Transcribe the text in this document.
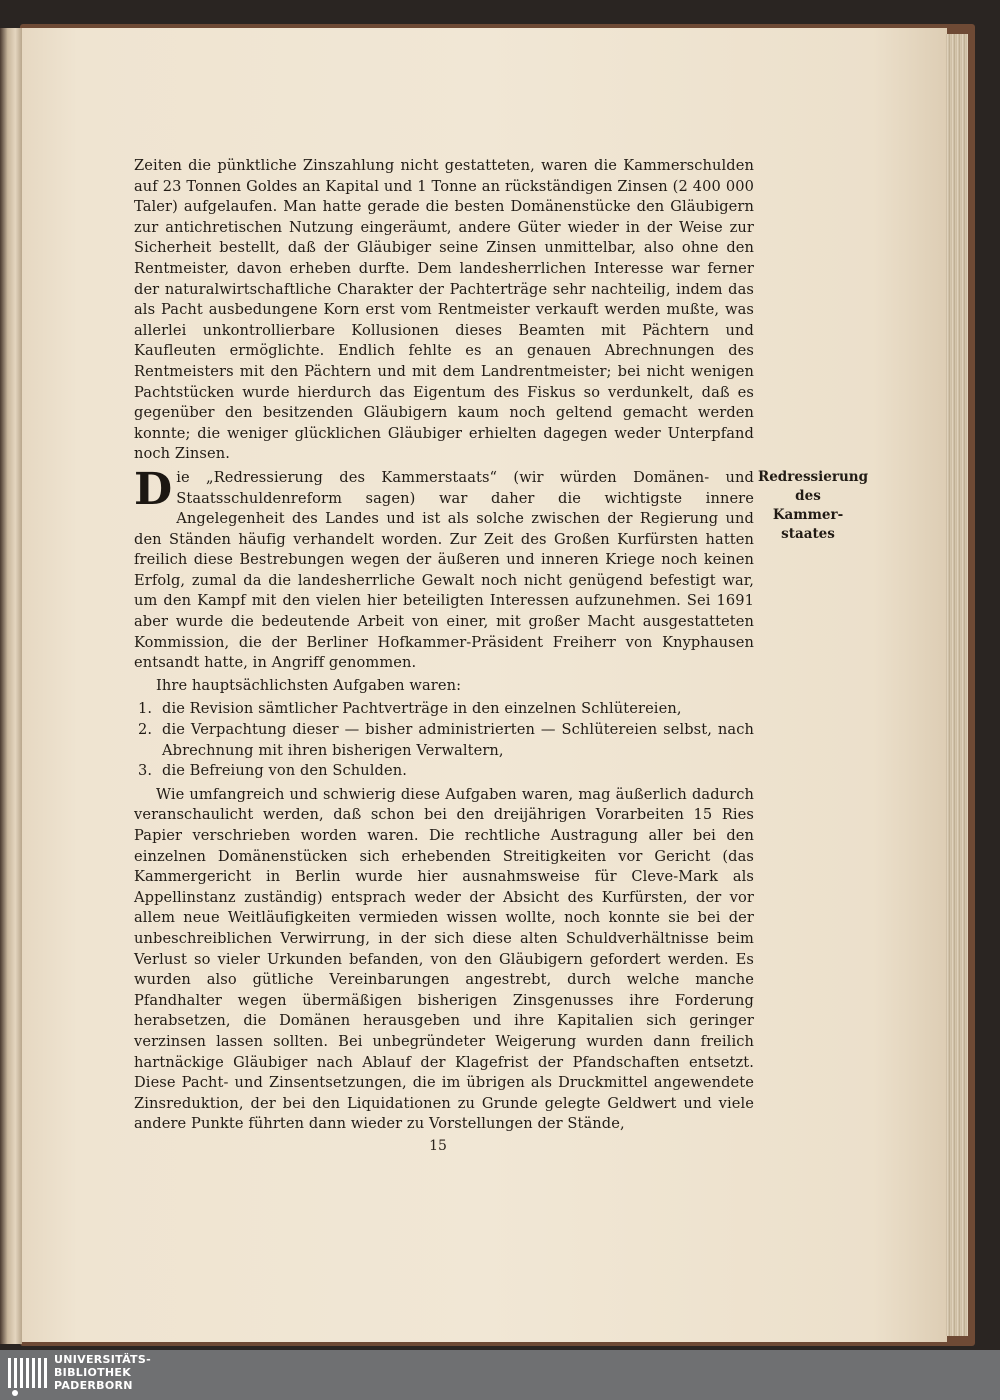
Zeiten die pünktliche Zinszahlung nicht gestatteten, waren die Kammerschulden auf 23 Tonnen Goldes an Kapital und 1 Tonne an rückständigen Zinsen (2 400 000 Taler) aufgelaufen. Man hatte gerade die besten Domänenstücke den Gläubigern zur antichretischen Nutzung eingeräumt, andere Güter wieder in der Weise zur Sicherheit bestellt, daß der Gläubiger seine Zinsen unmittelbar, also ohne den Rentmeister, davon erheben durfte. Dem landesherrlichen Interesse war ferner der naturalwirtschaftliche Charakter der Pachterträge sehr nachteilig, indem das als Pacht ausbedungene Korn erst vom Rentmeister verkauft werden mußte, was allerlei unkontrollierbare Kollusionen dieses Beamten mit Pächtern und Kaufleuten ermöglichte. Endlich fehlte es an genauen Abrechnungen des Rentmeisters mit den Pächtern und mit dem Landrentmeister; bei nicht wenigen Pachtstücken wurde hierdurch das Eigentum des Fiskus so verdunkelt, daß es gegenüber den besitzenden Gläubigern kaum noch geltend gemacht werden konnte; die weniger glücklichen Gläubiger erhielten dagegen weder Unterpfand noch Zinsen.

D ie „Redressierung des Kammerstaats“ (wir würden Domänen- und Staatsschuldenreform sagen) war daher die wichtigste innere Angelegenheit des Landes und ist als solche zwischen der Regierung und den Ständen häufig verhandelt worden. Zur Zeit des Großen Kurfürsten hatten freilich diese Bestrebungen wegen der äußeren und inneren Kriege noch keinen Erfolg, zumal da die landesherrliche Gewalt noch nicht genügend befestigt war, um den Kampf mit den vielen hier beteiligten Interessen aufzunehmen. Sei 1691 aber wurde die bedeutende Arbeit von einer, mit großer Macht ausgestatteten Kommission, die der Berliner Hofkammer-Präsident Freiherr von Knyphausen entsandt hatte, in Angriff genommen.

Ihre hauptsächlichsten Aufgaben waren:

1. die Revision sämtlicher Pachtverträge in den einzelnen Schlütereien,
2. die Verpachtung dieser — bisher administrierten — Schlütereien selbst, nach Abrechnung mit ihren bisherigen Verwaltern,
3. die Befreiung von den Schulden.

Wie umfangreich und schwierig diese Aufgaben waren, mag äußerlich dadurch veranschaulicht werden, daß schon bei den dreijährigen Vorarbeiten 15 Ries Papier verschrieben worden waren. Die rechtliche Austragung aller bei den einzelnen Domänenstücken sich erhebenden Streitigkeiten vor Gericht (das Kammergericht in Berlin wurde hier ausnahmsweise für Cleve-Mark als Appellinstanz zuständig) entsprach weder der Absicht des Kurfürsten, der vor allem neue Weitläufigkeiten vermieden wissen wollte, noch konnte sie bei der unbeschreiblichen Verwirrung, in der sich diese alten Schuldverhältnisse beim Verlust so vieler Urkunden befanden, von den Gläubigern gefordert werden. Es wurden also gütliche Vereinbarungen angestrebt, durch welche manche Pfandhalter wegen übermäßigen bisherigen Zinsgenusses ihre Forderung herabsetzen, die Domänen herausgeben und ihre Kapitalien sich geringer verzinsen lassen sollten. Bei unbegründeter Weigerung wurden dann freilich hartnäckige Gläubiger nach Ablauf der Klagefrist der Pfandschaften entsetzt. Diese Pacht- und Zinsentsetzungen, die im übrigen als Druckmittel angewendete Zinsreduktion, der bei den Liquidationen zu Grunde gelegte Geldwert und viele andere Punkte führten dann wieder zu Vorstellungen der Stände,

Redressierung
des Kammer-
staates
15
UNIVERSITÄTS-
BIBLIOTHEK
PADERBORN
